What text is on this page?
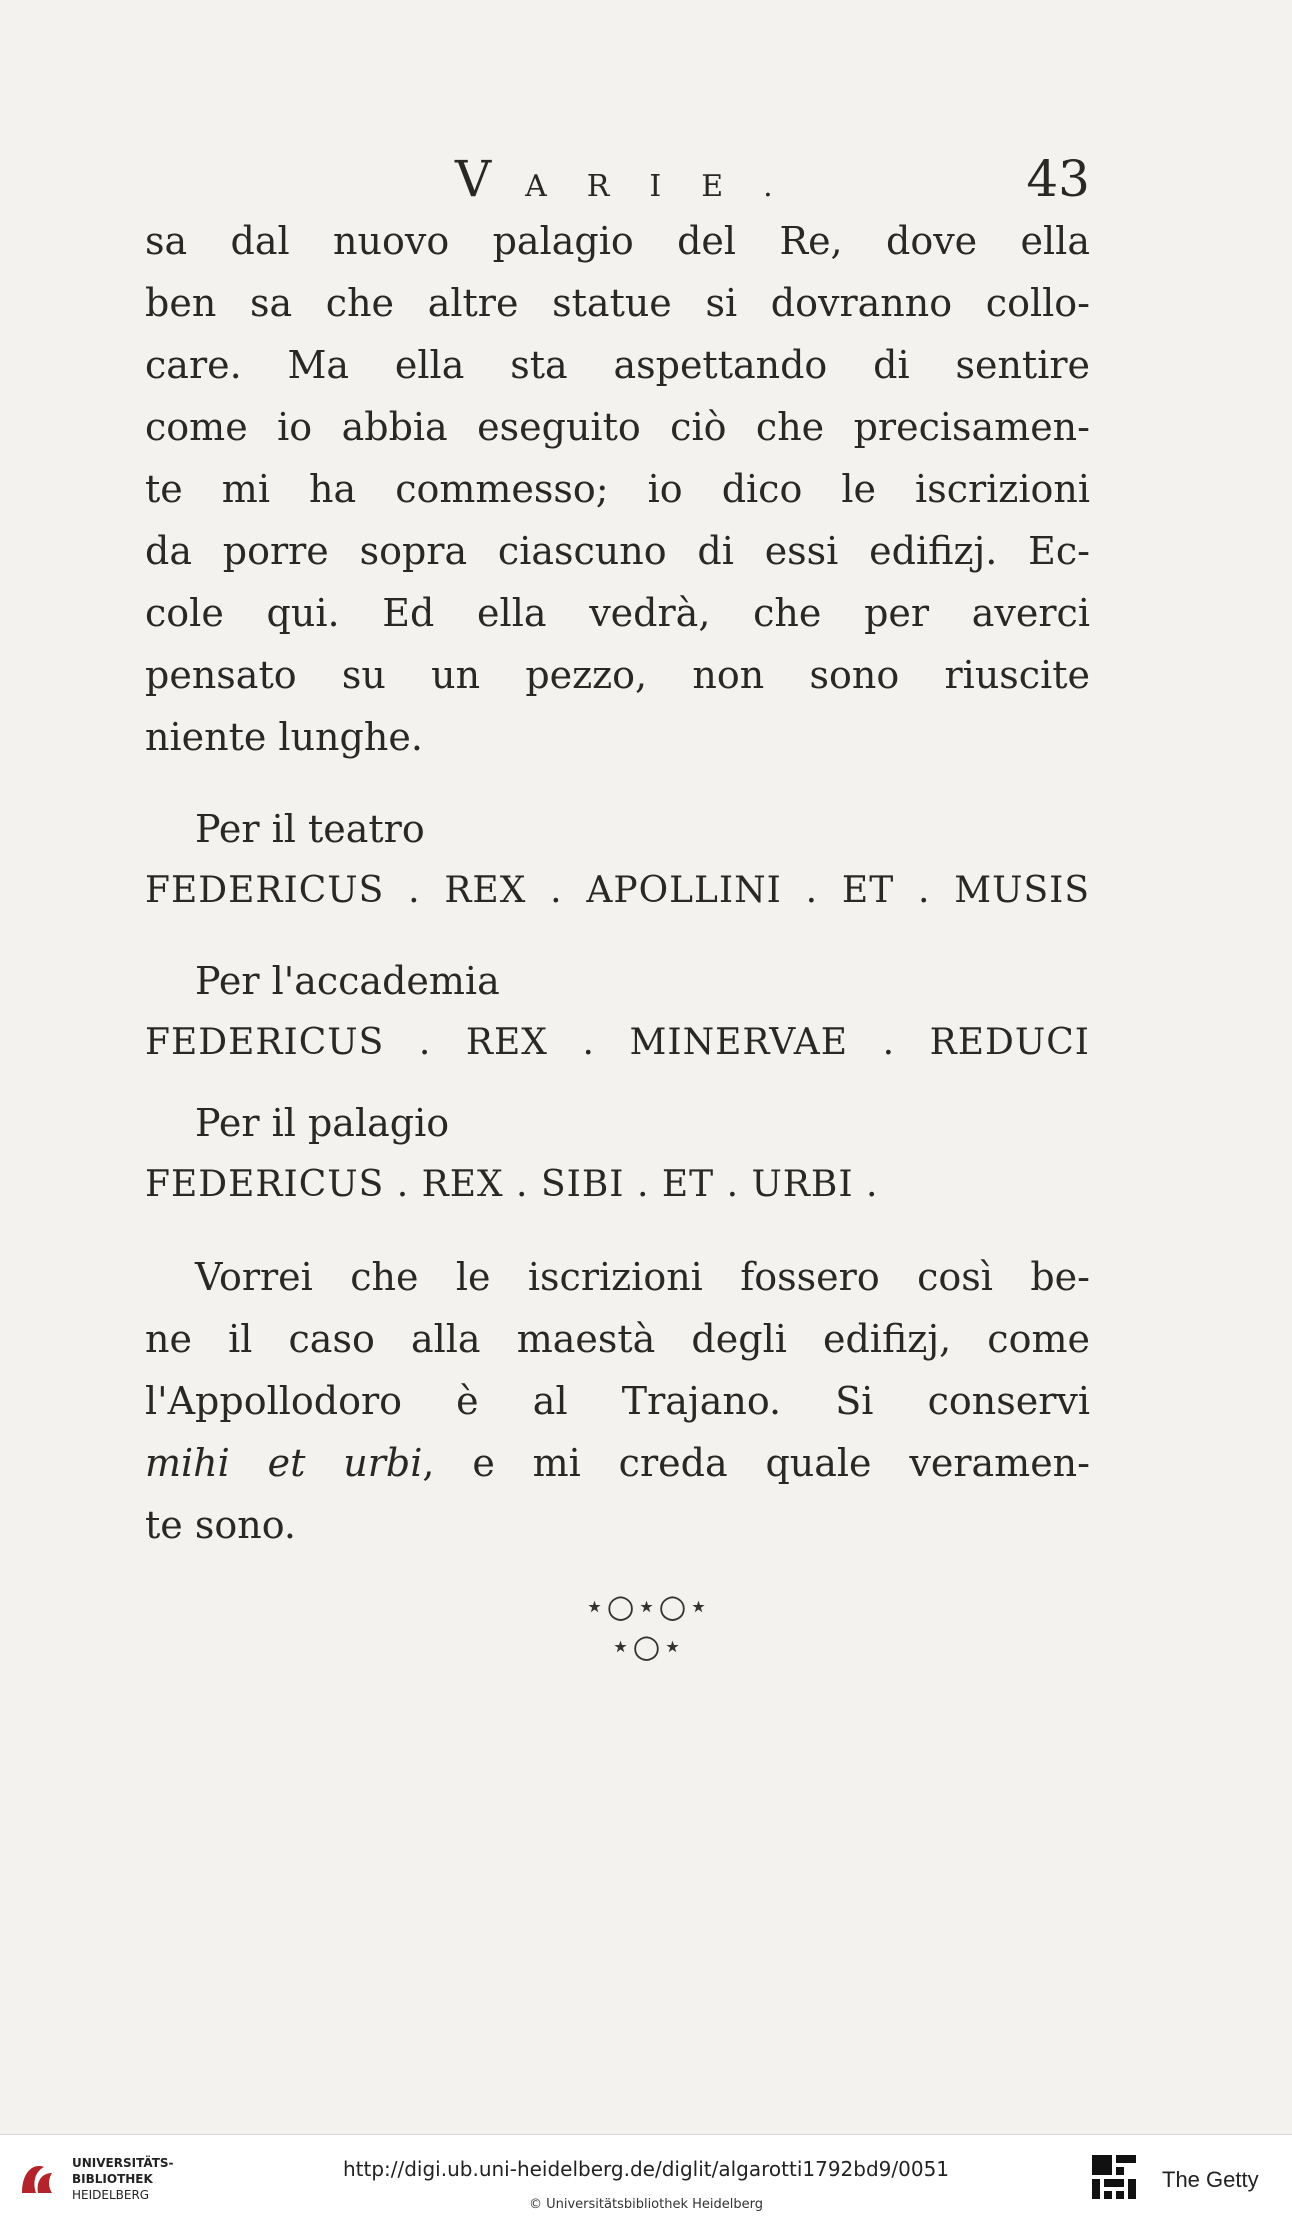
VARIE.	43
sa dal nuovo palagio del Re, dove ella
ben sa che altre statue si dovranno collo-
care. Ma ella sta aspettando di sentire
come io abbia eseguito ciò che precisamen-
te mi ha commesso; io dico le iscrizioni
da porre sopra ciascuno di essi edifizj. Ec-
cole qui. Ed ella vedrà, che per averci
pensato su un pezzo, non sono riuscite
niente lunghe.
Per il teatro
FEDERICUS . REX . APOLLINI . ET . MUSIS
Per l'accademia
FEDERICUS . REX . MINERVAE . REDUCI
Per il palagio
FEDERICUS . REX . SIBI . ET . URBI .
Vorrei che le iscrizioni fossero così be-
ne il caso alla maestà degli edifizj, come
l'Appollodoro è al Trajano. Si conservi
mihi et urbi, e mi creda quale veramen-
te sono.
⋆○⋆○⋆
⋆○⋆
UNIVERSITÄTS-
BIBLIOTHEK
HEIDELBERG
http://digi.ub.uni-heidelberg.de/diglit/algarotti1792bd9/0051
© Universitätsbibliothek Heidelberg
The Getty
